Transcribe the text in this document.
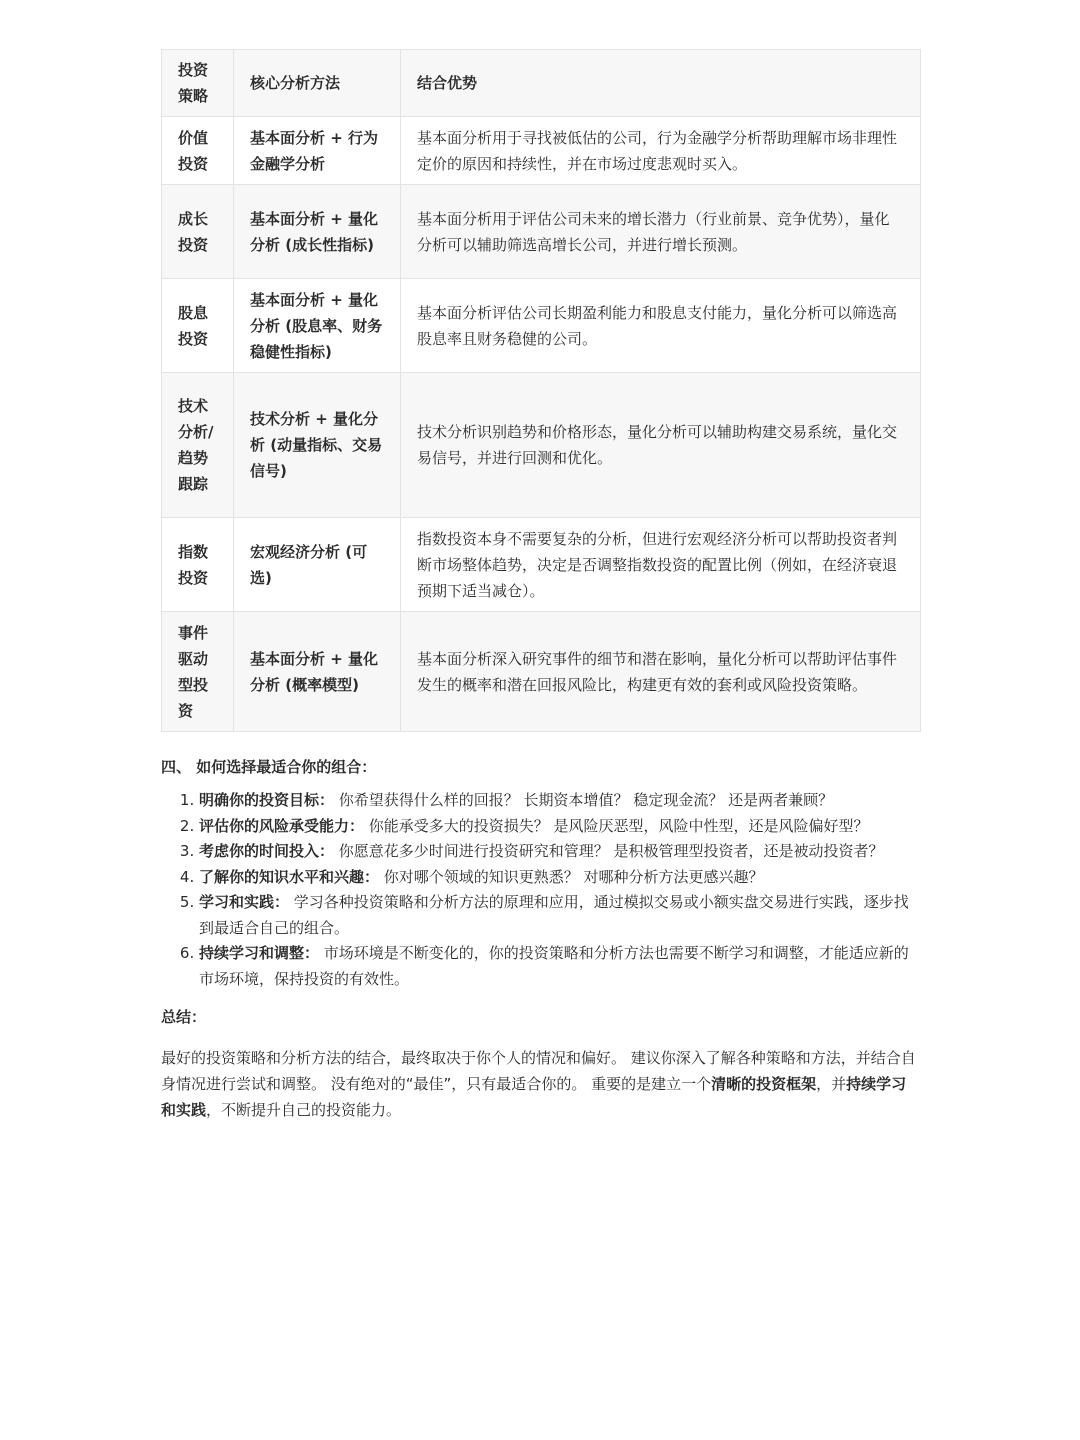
投资策略	核心分析方法	结合优势
价值投资	基本面分析 + 行为金融学分析	基本面分析用于寻找被低估的公司，行为金融学分析帮助理解市场非理性定价的原因和持续性，并在市场过度悲观时买入。
成长投资	基本面分析 + 量化分析 (成长性指标)	基本面分析用于评估公司未来的增长潜力（行业前景、竞争优势），量化分析可以辅助筛选高增长公司，并进行增长预测。
股息投资	基本面分析 + 量化分析 (股息率、财务稳健性指标)	基本面分析评估公司长期盈利能力和股息支付能力，量化分析可以筛选高股息率且财务稳健的公司。
技术分析/趋势跟踪	技术分析 + 量化分析 (动量指标、交易信号)	技术分析识别趋势和价格形态，量化分析可以辅助构建交易系统，量化交易信号，并进行回测和优化。
指数投资	宏观经济分析 (可选)	指数投资本身不需要复杂的分析，但进行宏观经济分析可以帮助投资者判断市场整体趋势，决定是否调整指数投资的配置比例（例如，在经济衰退预期下适当减仓）。
事件驱动型投资	基本面分析 + 量化分析 (概率模型)	基本面分析深入研究事件的细节和潜在影响，量化分析可以帮助评估事件发生的概率和潜在回报风险比，构建更有效的套利或风险投资策略。
四、 如何选择最适合你的组合：
1. 明确你的投资目标： 你希望获得什么样的回报？ 长期资本增值？ 稳定现金流？ 还是两者兼顾？
2. 评估你的风险承受能力： 你能承受多大的投资损失？ 是风险厌恶型，风险中性型，还是风险偏好型？
3. 考虑你的时间投入： 你愿意花多少时间进行投资研究和管理？ 是积极管理型投资者，还是被动投资者？
4. 了解你的知识水平和兴趣： 你对哪个领域的知识更熟悉？ 对哪种分析方法更感兴趣？
5. 学习和实践： 学习各种投资策略和分析方法的原理和应用，通过模拟交易或小额实盘交易进行实践，逐步找到最适合自己的组合。
6. 持续学习和调整： 市场环境是不断变化的，你的投资策略和分析方法也需要不断学习和调整，才能适应新的市场环境，保持投资的有效性。

总结：

最好的投资策略和分析方法的结合，最终取决于你个人的情况和偏好。 建议你深入了解各种策略和方法，并结合自身情况进行尝试和调整。 没有绝对的“最佳”，只有最适合你的。 重要的是建立一个清晰的投资框架，并持续学习和实践，不断提升自己的投资能力。
